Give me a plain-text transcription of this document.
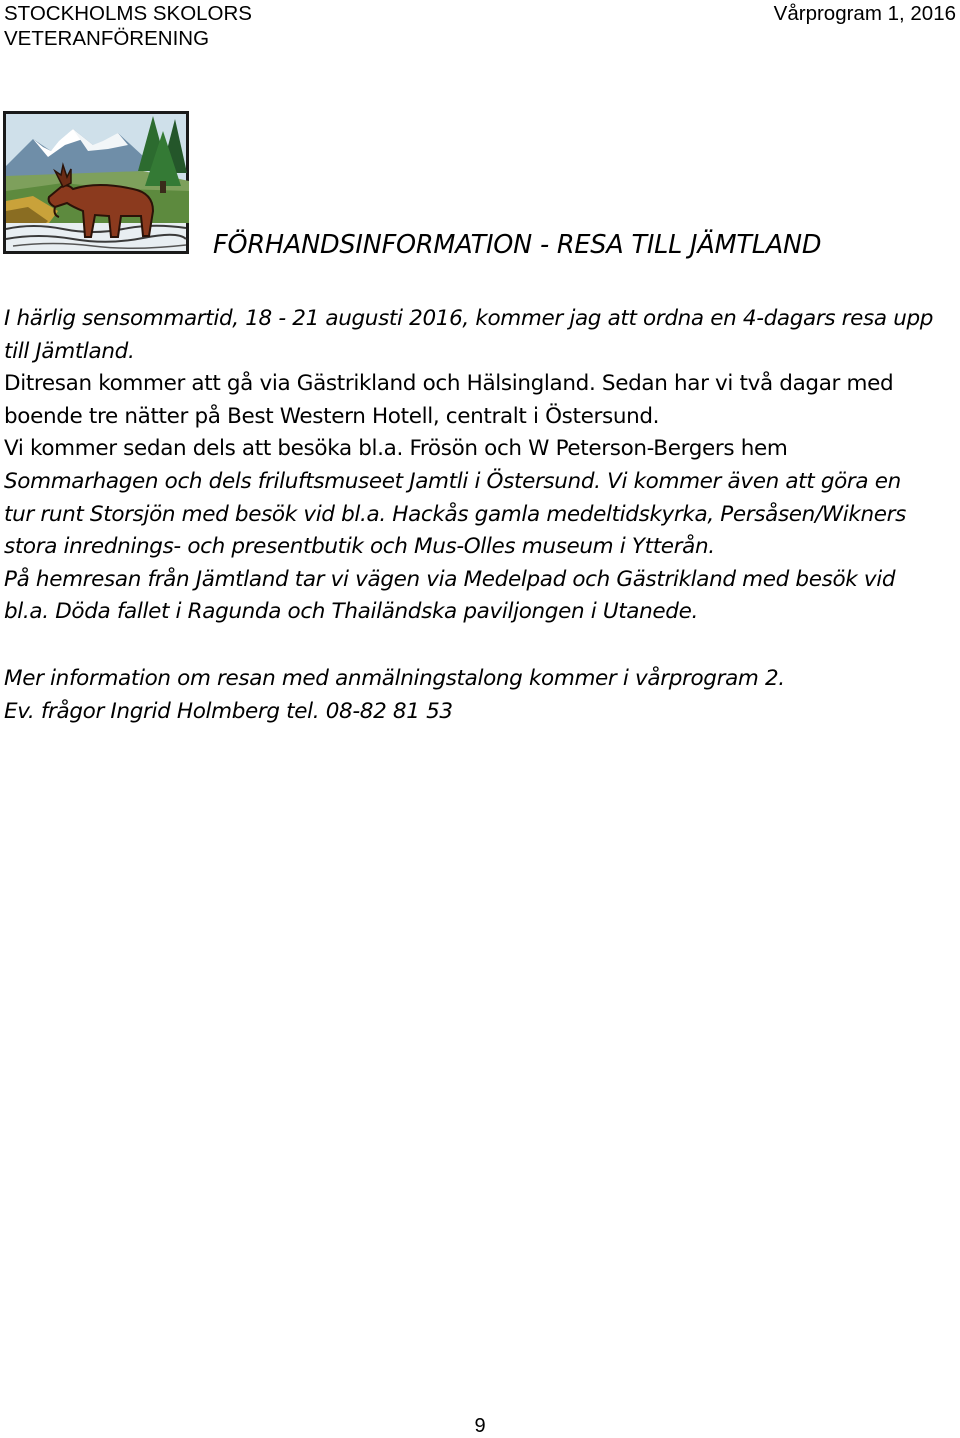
STOCKHOLMS SKOLORS
VETERANFÖRENING
Vårprogram 1, 2016
FÖRHANDSINFORMATION - RESA TILL JÄMTLAND
I härlig sensommartid, 18 - 21 augusti 2016, kommer jag att ordna en 4-dagars resa upp
till Jämtland.
Ditresan kommer att gå via Gästrikland och Hälsingland. Sedan har vi två dagar med
boende tre nätter på Best Western Hotell, centralt i Östersund.
Vi kommer sedan dels att besöka bl.a. Frösön och W Peterson-Bergers hem
Sommarhagen och dels friluftsmuseet Jamtli i Östersund. Vi kommer även att göra en
tur runt Storsjön med besök vid bl.a. Hackås gamla medeltidskyrka, Persåsen/Wikners
stora inrednings- och presentbutik och Mus-Olles museum i Ytterån.
På hemresan från Jämtland tar vi vägen via Medelpad och Gästrikland med besök vid
bl.a. Döda fallet i Ragunda och Thailändska paviljongen i Utanede.
Mer information om resan med anmälningstalong kommer i vårprogram 2.
Ev. frågor Ingrid Holmberg tel. 08-82 81 53
9
